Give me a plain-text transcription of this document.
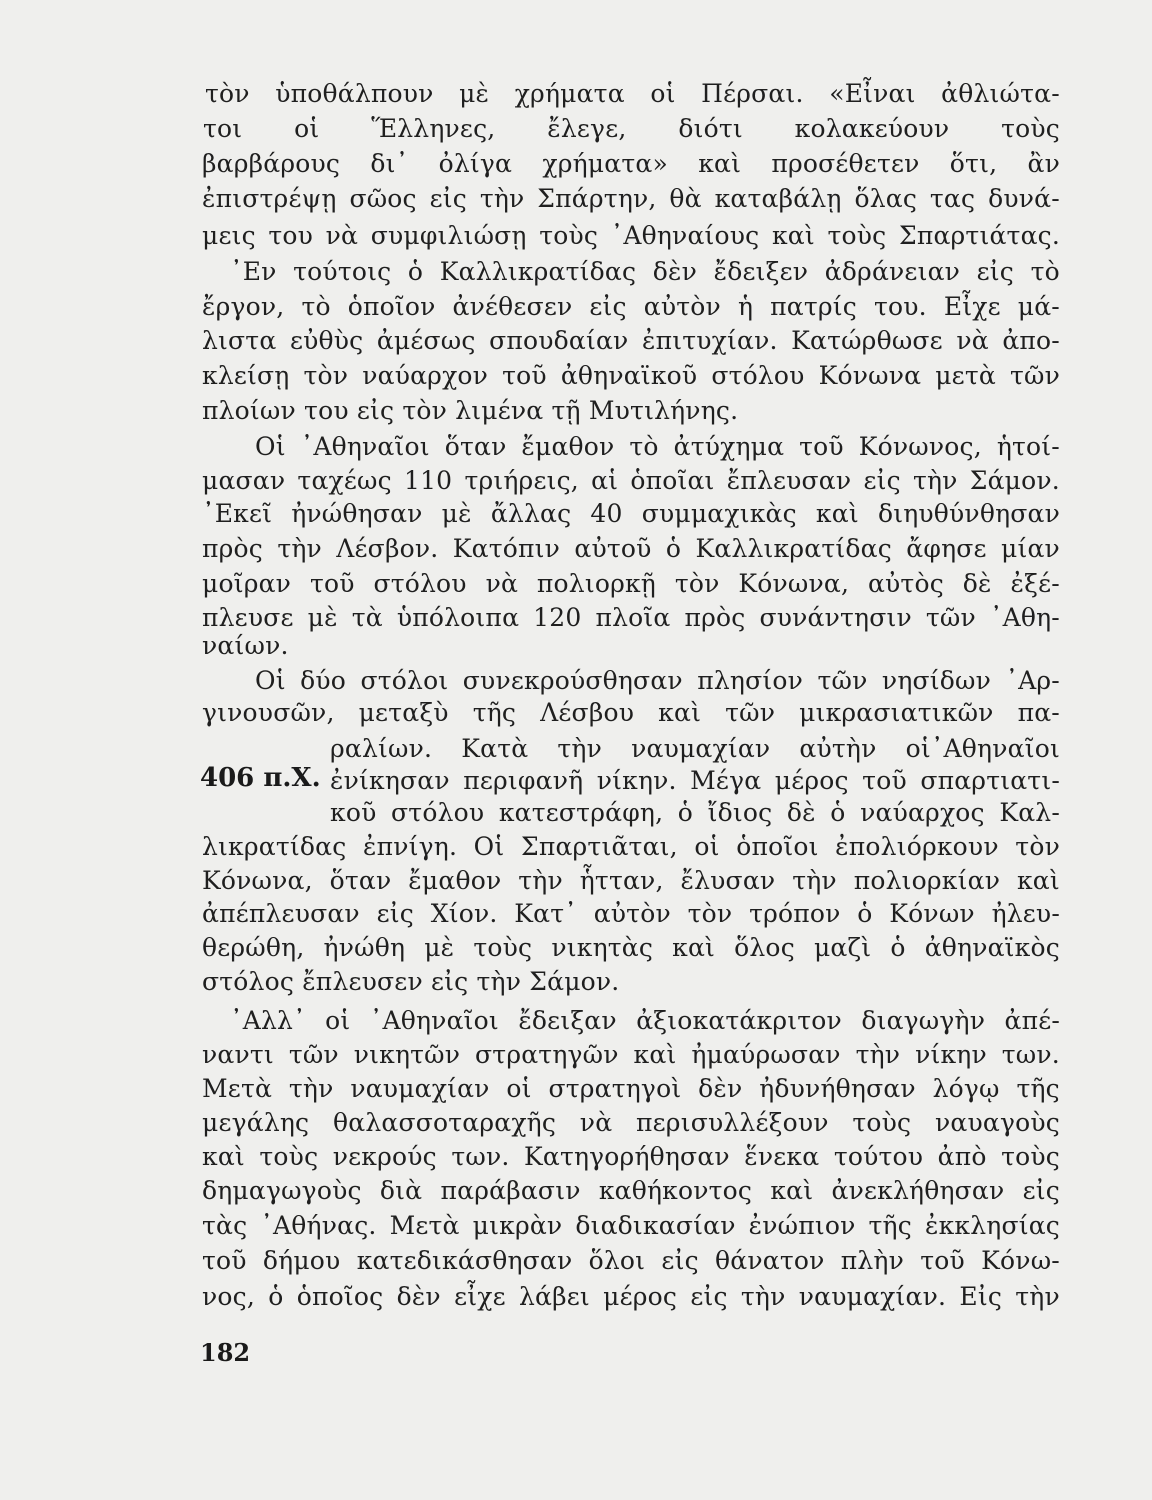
τὸν ὑποθάλπουν μὲ χρήματα οἱ Πέρσαι. «Εἶναι ἀθλιώτα-
τοι οἱ Ἕλληνες, ἔλεγε, διότι κολακεύουν τοὺς
βαρβάρους δι᾿ ὀλίγα χρήματα» καὶ προσέθετεν ὅτι, ἂν
ἐπιστρέψῃ σῶος εἰς τὴν Σπάρτην, θὰ καταβάλῃ ὅλας τας δυνά-
μεις του νὰ συμφιλιώσῃ τοὺς ᾿Αθηναίους καὶ τοὺς Σπαρτιάτας.
᾿Εν τούτοις ὁ Καλλικρατίδας δὲν ἔδειξεν ἀδράνειαν εἰς τὸ
ἔργον, τὸ ὁποῖον ἀνέθεσεν εἰς αὐτὸν ἡ πατρίς του. Εἶχε μά-
λιστα εὐθὺς ἀμέσως σπουδαίαν ἐπιτυχίαν. Κατώρθωσε νὰ ἀπο-
κλείσῃ τὸν ναύαρχον τοῦ ἀθηναϊκοῦ στόλου Κόνωνα μετὰ τῶν
πλοίων του εἰς τὸν λιμένα τῇ Μυτιλήνης.
Οἱ ᾿Αθηναῖοι ὅταν ἔμαθον τὸ ἀτύχημα τοῦ Κόνωνος, ἡτοί-
μασαν ταχέως 110 τριήρεις, αἱ ὁποῖαι ἔπλευσαν εἰς τὴν Σάμον.
᾿Εκεῖ ἠνώθησαν μὲ ἄλλας 40 συμμαχικὰς καὶ διηυθύνθησαν
πρὸς τὴν Λέσβον. Κατόπιν αὐτοῦ ὁ Καλλικρατίδας ἄφησε μίαν
μοῖραν τοῦ στόλου νὰ πολιορκῇ τὸν Κόνωνα, αὐτὸς δὲ ἐξέ-
πλευσε μὲ τὰ ὑπόλοιπα 120 πλοῖα πρὸς συνάντησιν τῶν ᾿Αθη-
ναίων.
Οἱ δύο στόλοι συνεκρούσθησαν πλησίον τῶν νησίδων ᾿Αρ-
γινουσῶν, μεταξὺ τῆς Λέσβου καὶ τῶν μικρασιατικῶν πα-
ραλίων. Κατὰ τὴν ναυμαχίαν αὐτὴν οἱ᾿Αθηναῖοι
ἐνίκησαν περιφανῆ νίκην. Μέγα μέρος τοῦ σπαρτιατι-
κοῦ στόλου κατεστράφη, ὁ ἴδιος δὲ ὁ ναύαρχος Καλ-
λικρατίδας ἐπνίγη. Οἱ Σπαρτιᾶται, οἱ ὁποῖοι ἐπολιόρκουν τὸν
Κόνωνα, ὅταν ἔμαθον τὴν ἧτταν, ἔλυσαν τὴν πολιορκίαν καὶ
ἀπέπλευσαν εἰς Χίον. Κατ᾿ αὐτὸν τὸν τρόπον ὁ Κόνων ἠλευ-
θερώθη, ἠνώθη μὲ τοὺς νικητὰς καὶ ὅλος μαζὶ ὁ ἀθηναϊκὸς
στόλος ἔπλευσεν εἰς τὴν Σάμον.
᾿Αλλ᾿ οἱ ᾿Αθηναῖοι ἔδειξαν ἀξιοκατάκριτον διαγωγὴν ἀπέ-
ναντι τῶν νικητῶν στρατηγῶν καὶ ἠμαύρωσαν τὴν νίκην των.
Μετὰ τὴν ναυμαχίαν οἱ στρατηγοὶ δὲν ἠδυνήθησαν λόγῳ τῆς
μεγάλης θαλασσοταραχῆς νὰ περισυλλέξουν τοὺς ναυαγοὺς
καὶ τοὺς νεκρούς των. Κατηγορήθησαν ἕνεκα τούτου ἀπὸ τοὺς
δημαγωγοὺς διὰ παράβασιν καθήκοντος καὶ ἀνεκλήθησαν εἰς
τὰς ᾿Αθήνας. Μετὰ μικρὰν διαδικασίαν ἐνώπιον τῆς ἐκκλησίας
τοῦ δήμου κατεδικάσθησαν ὅλοι εἰς θάνατον πλὴν τοῦ Κόνω-
νος, ὁ ὁποῖος δὲν εἶχε λάβει μέρος εἰς τὴν ναυμαχίαν. Εἰς τὴν
406 π.Χ.
182
